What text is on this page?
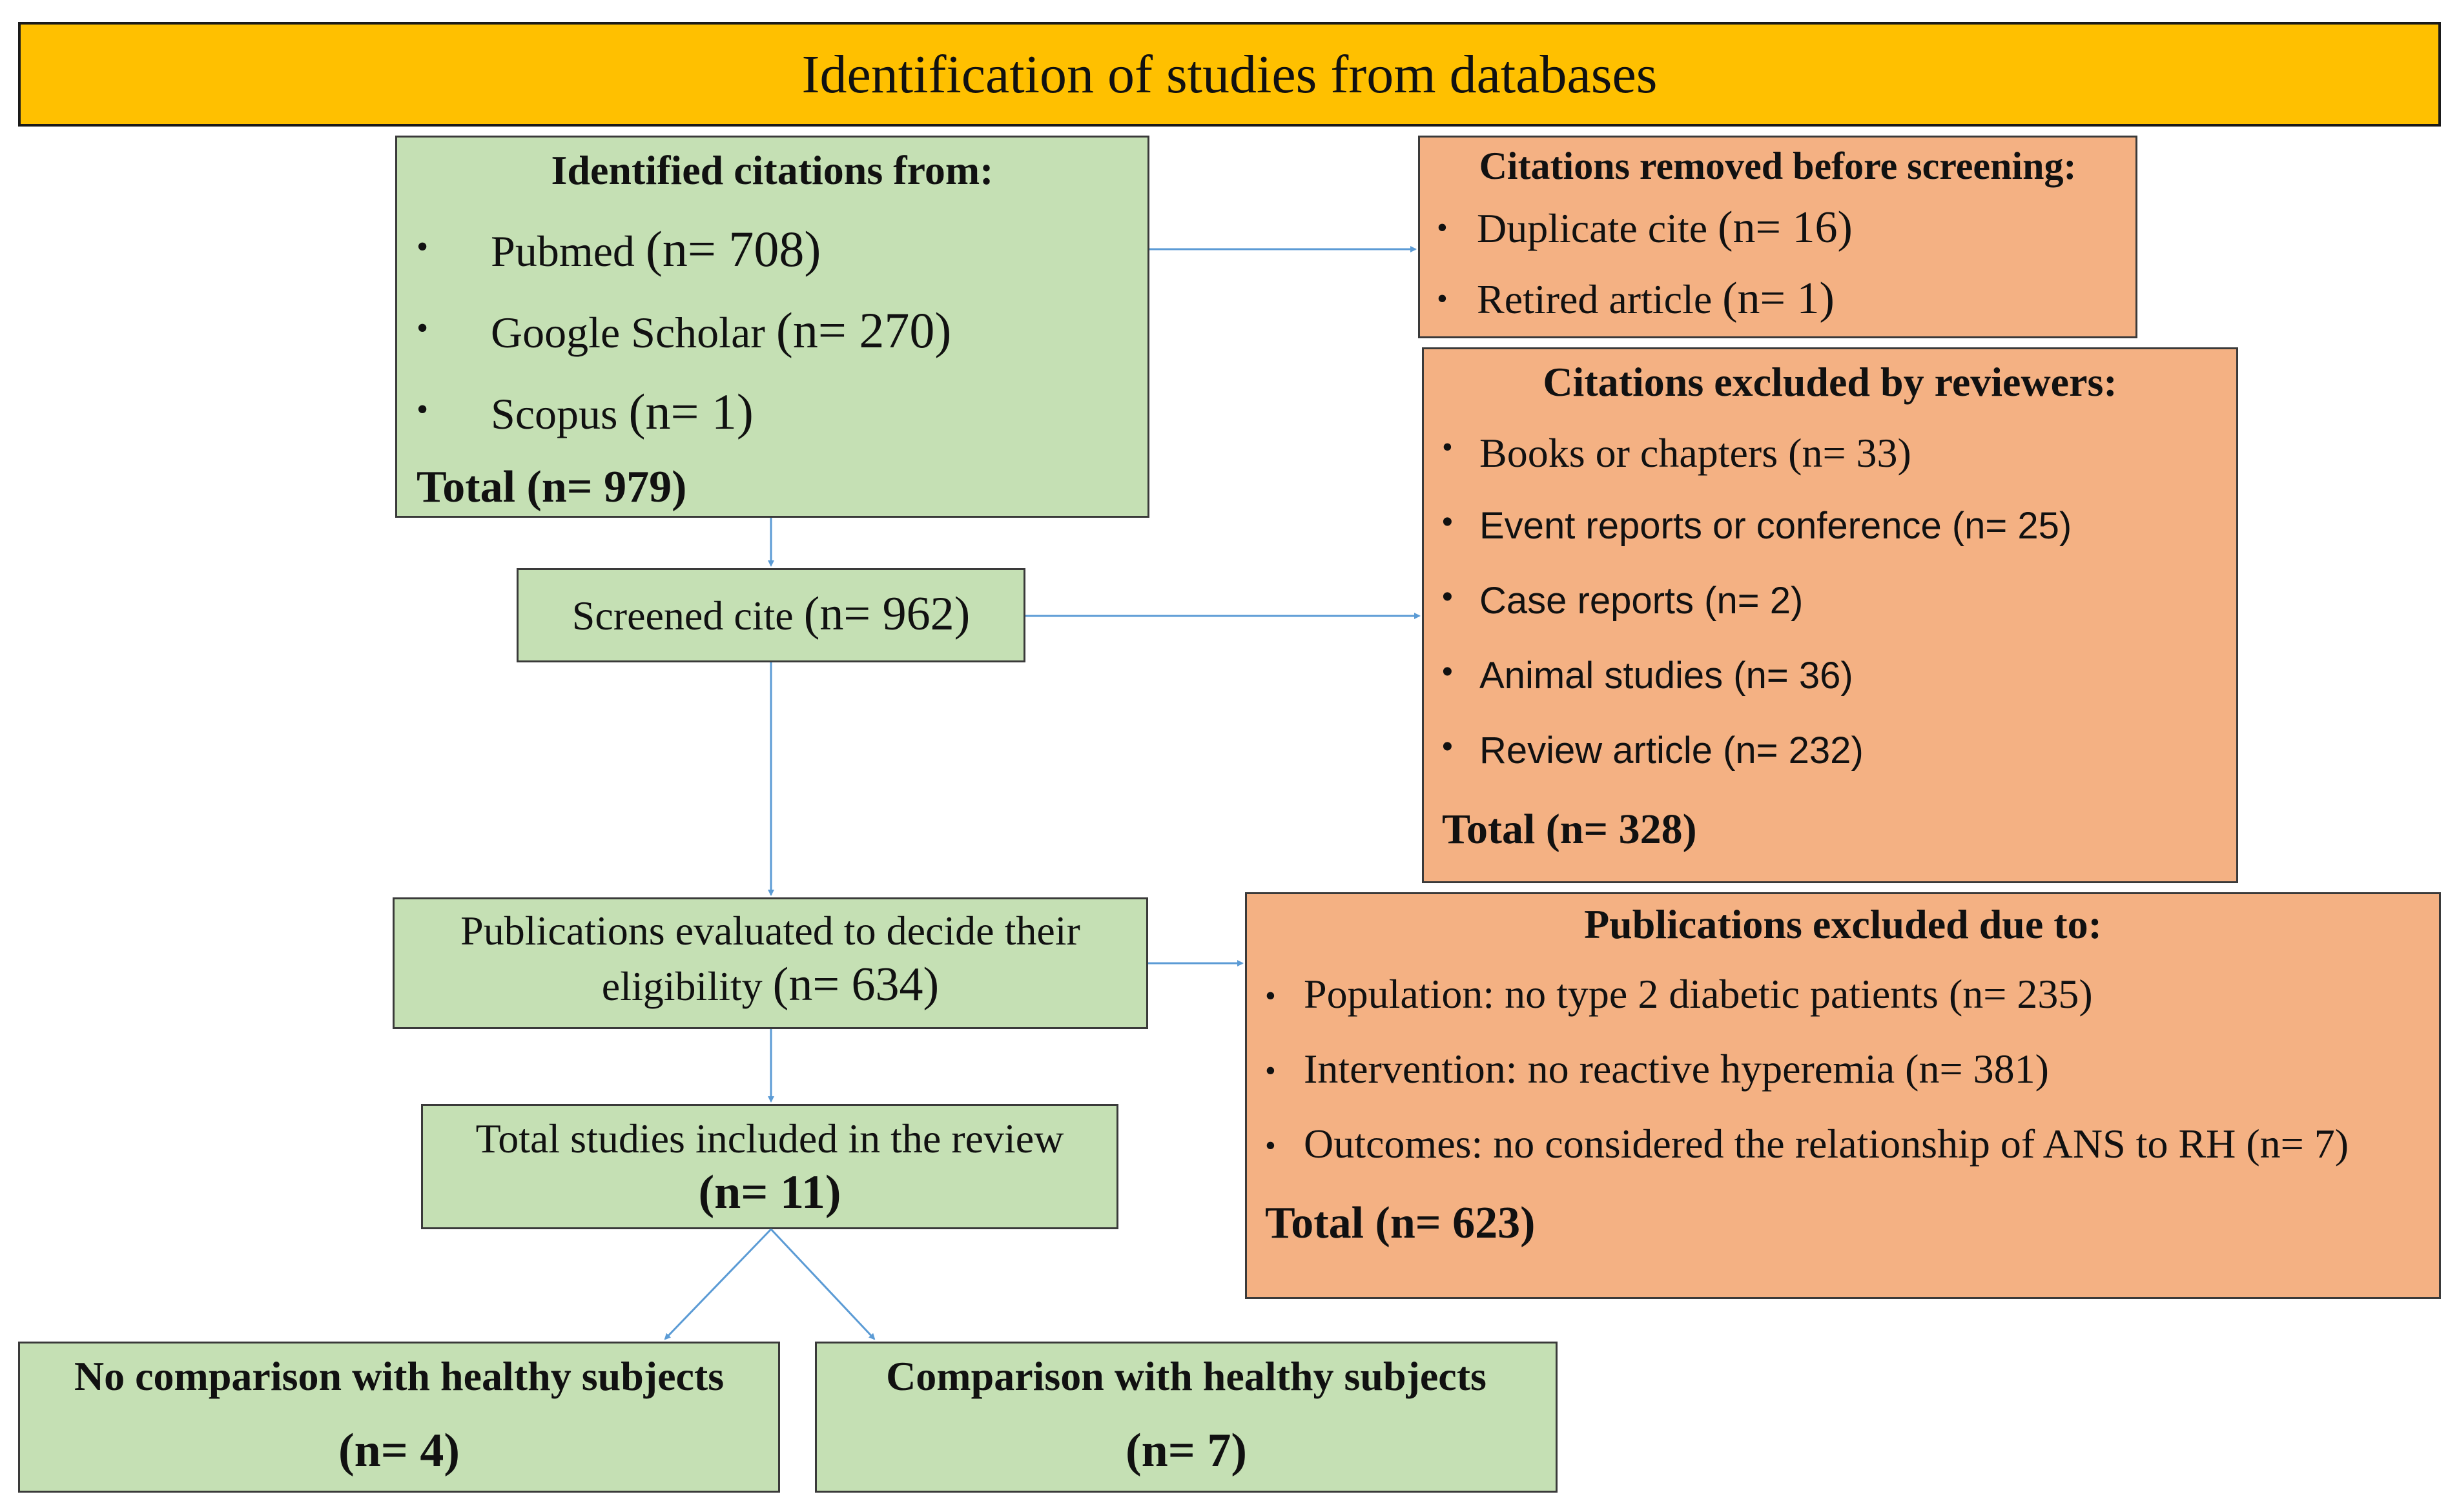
Identification of studies from databases
Identified citations from:
• Pubmed (n= 708)
• Google Scholar (n= 270)
• Scopus (n= 1)
Total (n= 979)
Citations removed before screening:
• Duplicate cite (n= 16)
• Retired article (n= 1)
Citations excluded by reviewers:
• Books or chapters (n= 33)
• Event reports or conference (n= 25)
• Case reports (n= 2)
• Animal studies (n= 36)
• Review article (n= 232)
Total (n= 328)
Screened cite (n= 962)
Publications evaluated to decide their
eligibility (n= 634)
Publications excluded due to:
• Population: no type 2 diabetic patients (n= 235)
• Intervention: no reactive hyperemia (n= 381)
• Outcomes: no considered the relationship of ANS to RH (n= 7)
Total (n= 623)
Total studies included in the review
(n= 11)
No comparison with healthy subjects
(n= 4)
Comparison with healthy subjects
(n= 7)
